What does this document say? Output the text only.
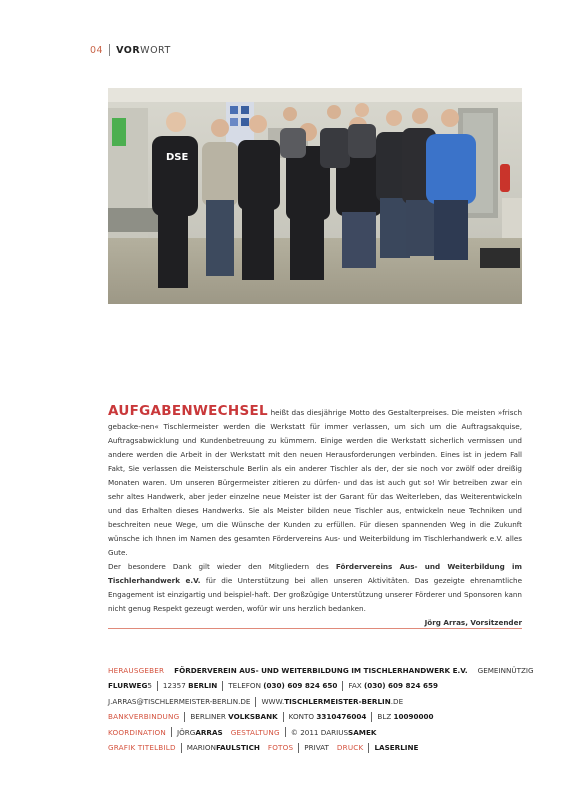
04 VORWORT
DSE

AUFGABENWECHSEL heißt das diesjährige Motto des Gestalterpreises. Die meisten »frisch gebacke-nen« Tischlermeister werden die Werkstatt für immer verlassen, um sich um die Auftragsakquise, Auftragsabwicklung und Kundenbetreuung zu kümmern. Einige werden die Werkstatt sicherlich vermissen und andere werden die Arbeit in der Werkstatt mit den neuen Herausforderungen verbinden. Eines ist in jedem Fall Fakt, Sie verlassen die Meisterschule Berlin als ein anderer Tischler als der, der sie noch vor zwölf oder dreißig Monaten waren. Um unseren Bürgermeister zitieren zu dürfen- und das ist auch gut so! Wir betreiben zwar ein sehr altes Handwerk, aber jeder einzelne neue Meister ist der Garant für das Weiterleben, das Weiterentwickeln und das Erhalten dieses Handwerks. Sie als Meister bilden neue Tischler aus, entwickeln neue Techniken und beschreiten neue Wege, um die Wünsche der Kunden zu erfüllen. Für diesen spannenden Weg in die Zukunft wünsche ich Ihnen im Namen des gesamten Fördervereins Aus- und Weiterbildung im Tischlerhandwerk e.V. alles Gute.

Der besondere Dank gilt wieder den Mitgliedern des Fördervereins Aus- und Weiterbildung im Tischlerhandwerk e.V. für die Unterstützung bei allen unseren Aktivitäten. Das gezeigte ehrenamtliche Engagement ist einzigartig und beispiel-haft. Der großzügige Unterstützung unserer Förderer und Sponsoren kann nicht genug Respekt gezeugt werden, wofür wir uns herzlich bedanken.

Jörg Arras, Vorsitzender
HERAUSGEBER FÖRDERVEREIN AUS- UND WEITERBILDUNG IM TISCHLERHANDWERK E.V. GEMEINNÜTZIG
FLURWEG 5 12357
BERLIN TELEFON
(030) 609 824 650 FAX
(030) 609 824 659
J.ARRAS@TISCHLERMEISTER-BERLIN.DE WWW.TISCHLERMEISTER-BERLIN.DE
BANKVERBINDUNG BERLINER
VOLKSBANK KONTO
3310476004 BLZ
10090000
KOORDINATION JÖRG ARRAS GESTALTUNG © 2011 DARIUS SAMEK
GRAFIK TITELBILD MARION FAULSTICH FOTOS PRIVAT DRUCK LASERLINE
